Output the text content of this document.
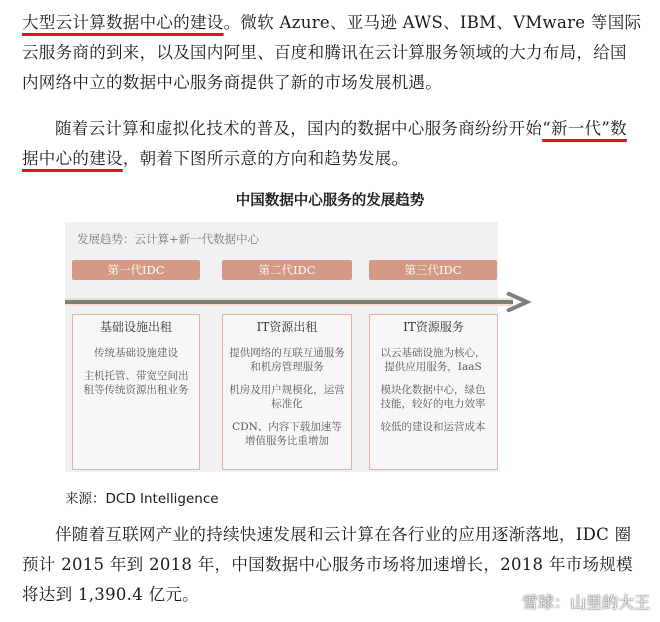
大型云计算数据中心的建设。微软 Azure、亚马逊 AWS、IBM、VMware 等国际云服务商的到来，以及国内阿里、百度和腾讯在云计算服务领域的大力布局，给国内网络中立的数据中心服务商提供了新的市场发展机遇。
随着云计算和虚拟化技术的普及，国内的数据中心服务商纷纷开始“新一代”数据中心的建设，朝着下图所示意的方向和趋势发展。
中国数据中心服务的发展趋势
发展趋势：云计算+新一代数据中心
第一代IDC	第二代IDC	第三代IDC
基础设施出租	IT资源出租	IT资源服务
传统基础设施建设
主机托管、带宽空间出租等传统资源出租业务
提供网络的互联互通服务和机房管理服务
机房及用户规模化，运营标准化
CDN、内容下载加速等增值服务比重增加
以云基础设施为核心，提供应用服务，IaaS
模块化数据中心，绿色技能，较好的电力效率
较低的建设和运营成本
来源：DCD Intelligence
伴随着互联网产业的持续快速发展和云计算在各行业的应用逐渐落地，IDC 圈预计 2015 年到 2018 年，中国数据中心服务市场将加速增长，2018 年市场规模将达到 1,390.4 亿元。	雪球：山里的大王
